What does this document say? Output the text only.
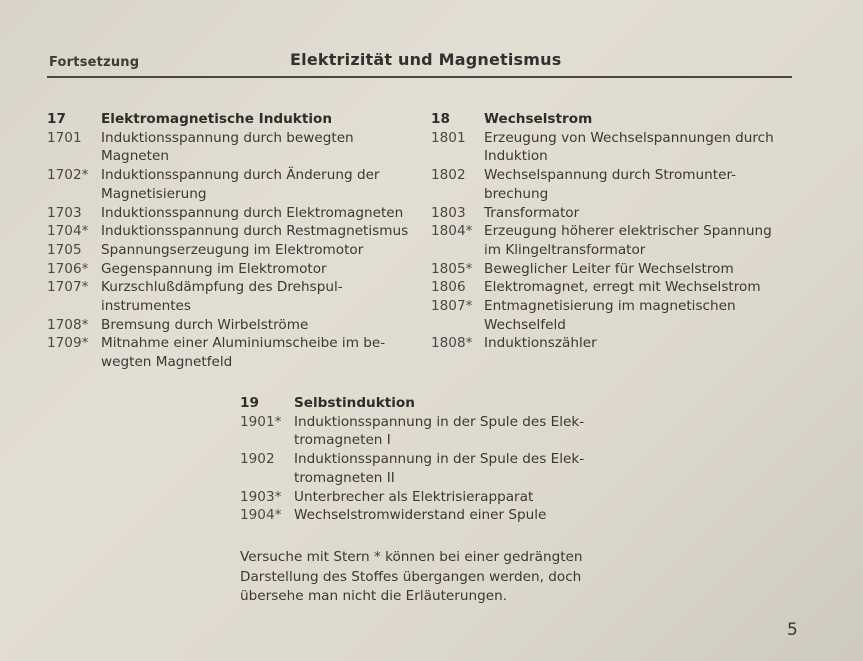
Fortsetzung	Elektrizität und Magnetismus
17	Elektromagnetische Induktion
1701	Induktionsspannung durch bewegten
Magneten
1702* Induktionsspannung durch Änderung der
Magnetisierung
1703	Induktionsspannung durch Elektromagneten
1704* Induktionsspannung durch Restmagnetismus
1705	Spannungserzeugung im Elektromotor
1706* Gegenspannung im Elektromotor
1707* Kurzschlußdämpfung des Drehspul-
instrumentes
1708* Bremsung durch Wirbelströme
1709* Mitnahme einer Aluminiumscheibe im be-
wegten Magnetfeld
18	Wechselstrom
1801	Erzeugung von Wechselspannungen durch
Induktion
1802	Wechselspannung durch Stromunter-
brechung
1803	Transformator
1804* Erzeugung höherer elektrischer Spannung
im Klingeltransformator
1805* Beweglicher Leiter für Wechselstrom
1806	Elektromagnet, erregt mit Wechselstrom
1807* Entmagnetisierung im magnetischen
Wechselfeld
1808* Induktionszähler
19	Selbstinduktion
1901* Induktionsspannung in der Spule des Elek-
tromagneten I
1902	Induktionsspannung in der Spule des Elek-
tromagneten II
1903* Unterbrecher als Elektrisierapparat
1904* Wechselstromwiderstand einer Spule
Versuche mit Stern * können bei einer gedrängten
Darstellung des Stoffes übergangen werden, doch
übersehe man nicht die Erläuterungen.
5
